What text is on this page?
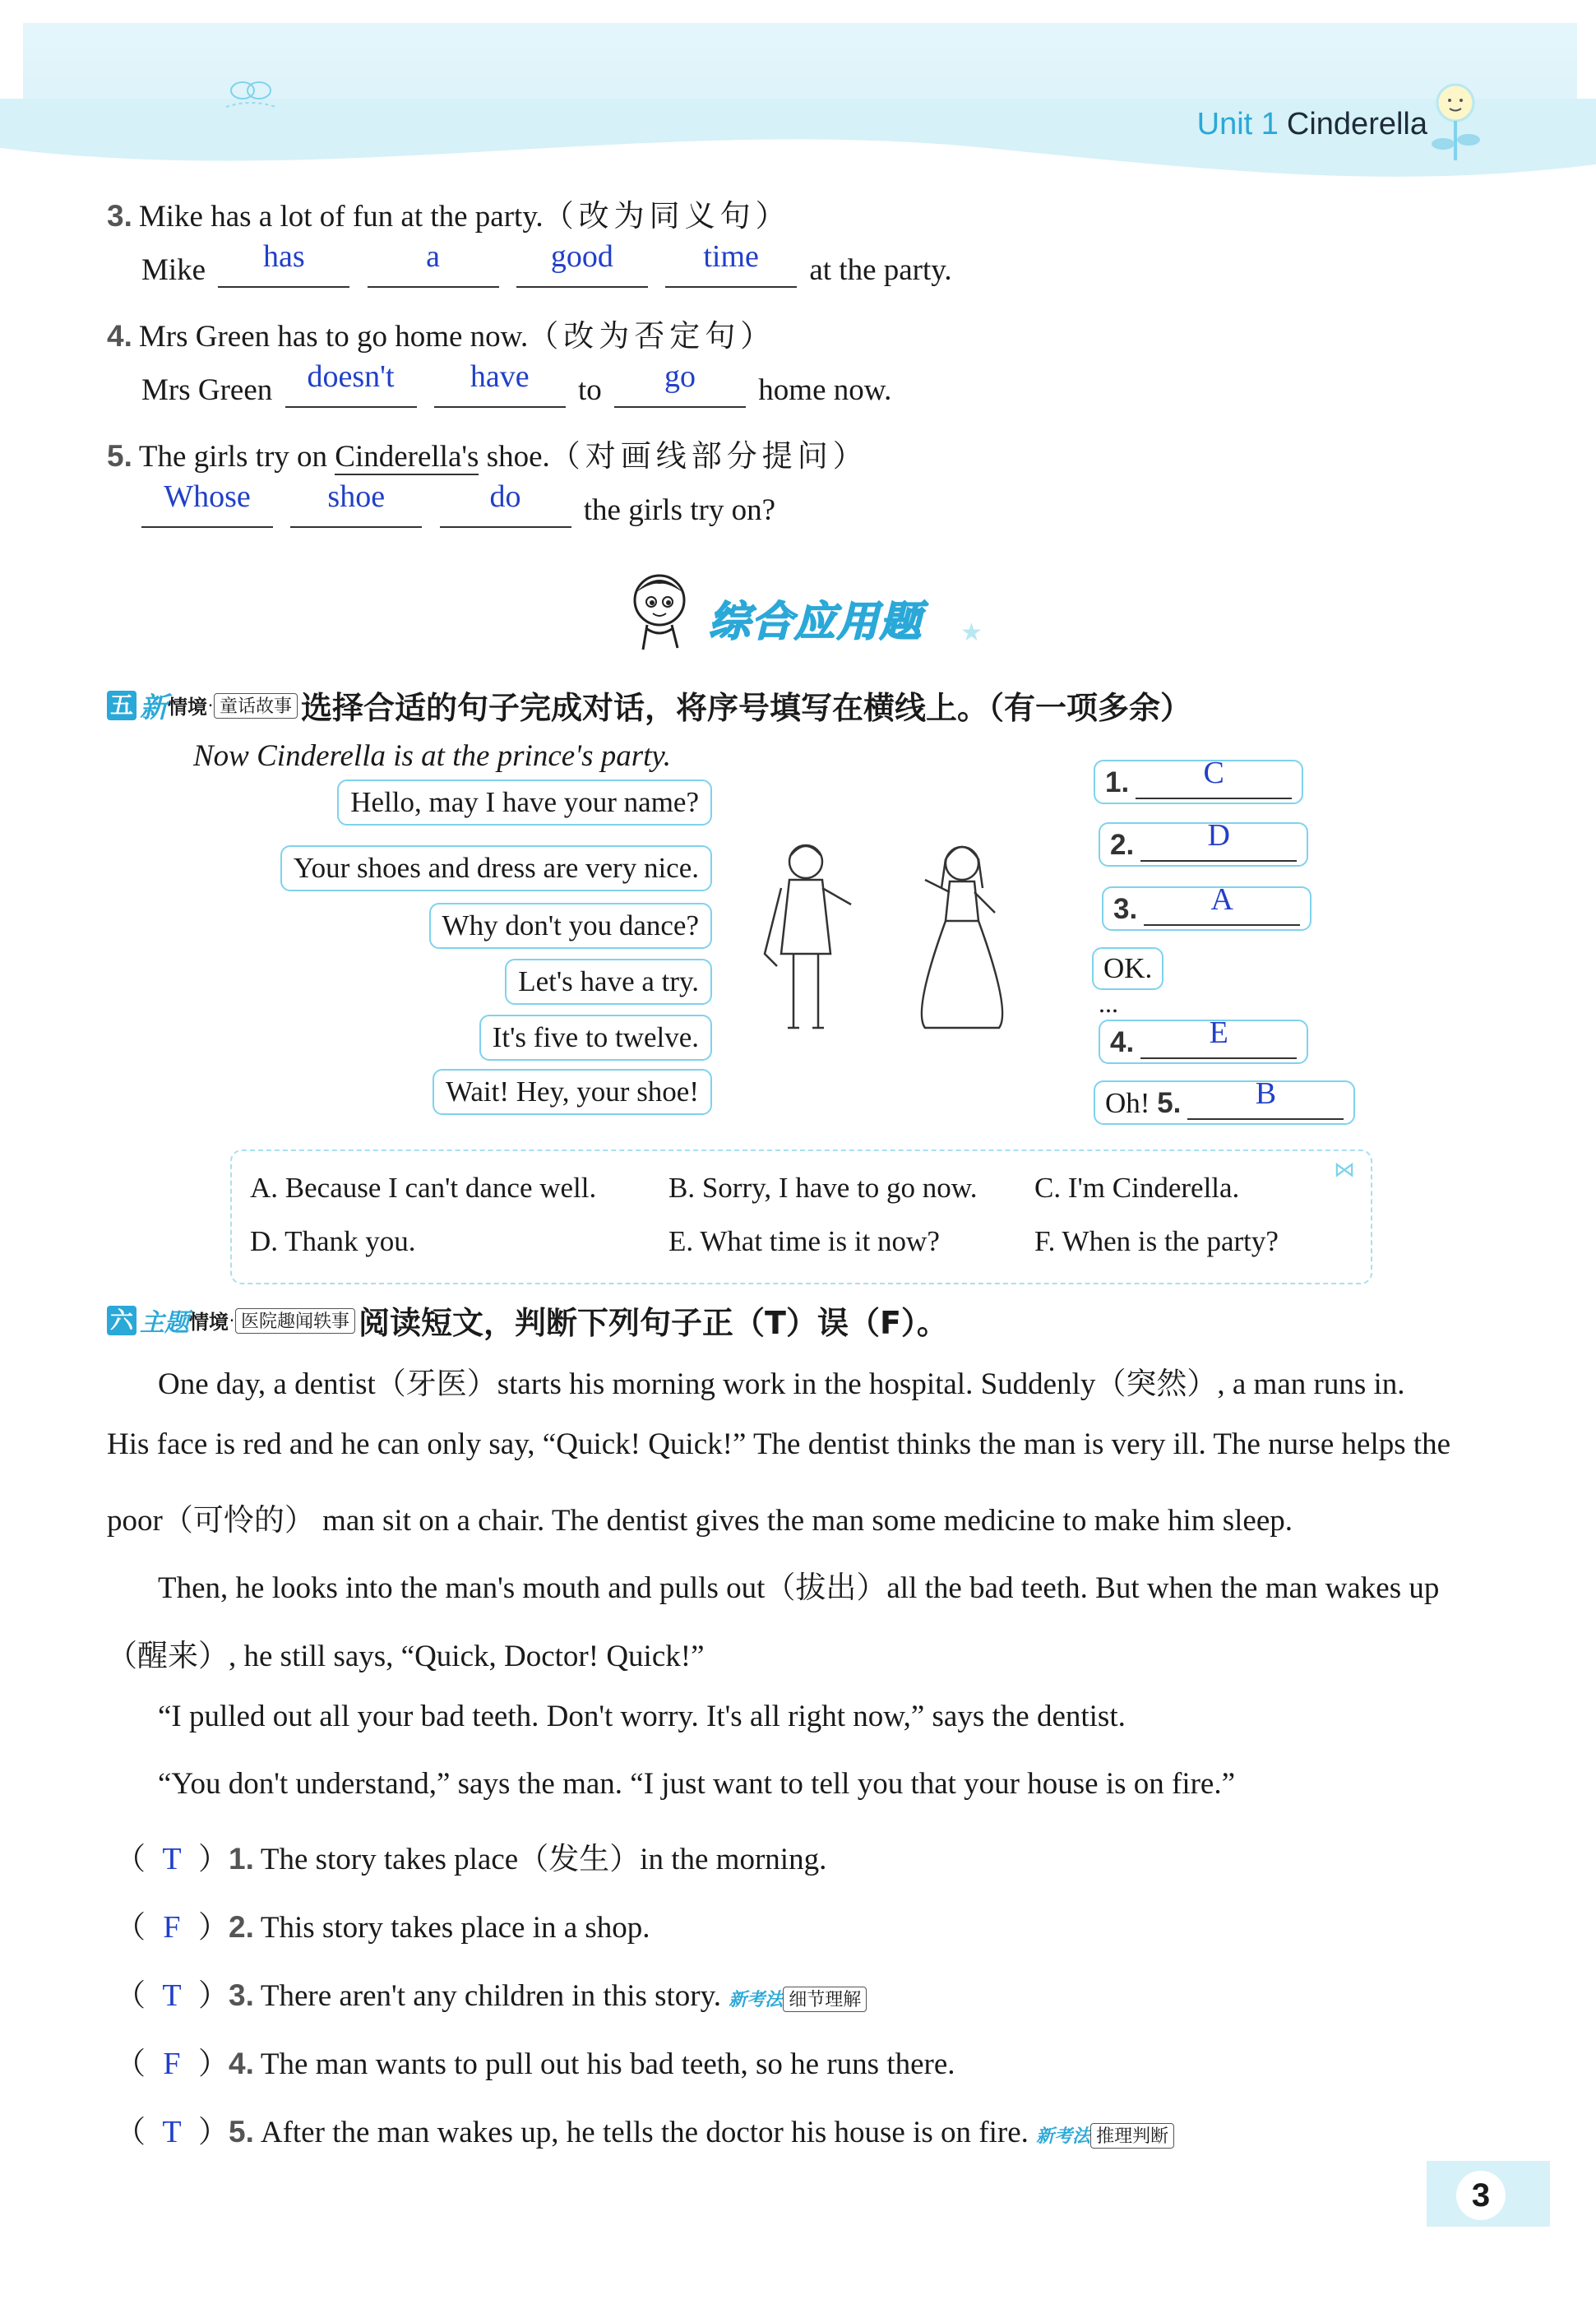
Unit 1 Cinderella
3. Mike has a lot of fun at the party.（改为同义句）
Mike has	a	good	time at the party.
4. Mrs Green has to go home now.（改为否定句）
Mrs Green doesn't have to go home now.
5. The girls try on Cinderella's shoe.（对画线部分提问）
Whose shoe	do the girls try on?
综合应用题 ★
五 新情境· 童话故事 选择合适的句子完成对话，将序号填写在横线上。（有一项多余）
Now Cinderella is at the prince's party.
Hello, may I have your name?
Your shoes and dress are very nice.
Why don't you dance?
Let's have a try.
It's five to twelve.
Wait! Hey, your shoe!
1. C
2. D
3. A
OK.
...
4. E
Oh! 5. B
⋈
A. Because I can't dance well.	B. Sorry, I have to go now. C. I'm Cinderella.
D. Thank you.	E. What time is it now?	F. When is the party?
六 主题情境· 医院趣闻轶事 阅读短文，判断下列句子正（T）误（F）。
One day, a dentist（牙医）starts his morning work in the hospital. Suddenly（突然）, a man runs in.
His face is red and he can only say, “Quick! Quick!” The dentist thinks the man is very ill. The nurse helps the
poor（可怜的） man sit on a chair. The dentist gives the man some medicine to make him sleep.
Then, he looks into the man's mouth and pulls out（拔出）all the bad teeth. But when the man wakes up
（醒来）, he still says, “Quick, Doctor! Quick!”
“I pulled out all your bad teeth. Don't worry. It's all right now,” says the dentist.
“You don't understand,” says the man. “I just want to tell you that your house is on fire.”
（ T ）1. The story takes place（发生）in the morning.
（ F ）2. This story takes place in a shop.
（ T ）3. There aren't any children in this story. 新考法 细节理解
（ F ）4. The man wants to pull out his bad teeth, so he runs there.
（ T ）5. After the man wakes up, he tells the doctor his house is on fire. 新考法 推理判断
3
